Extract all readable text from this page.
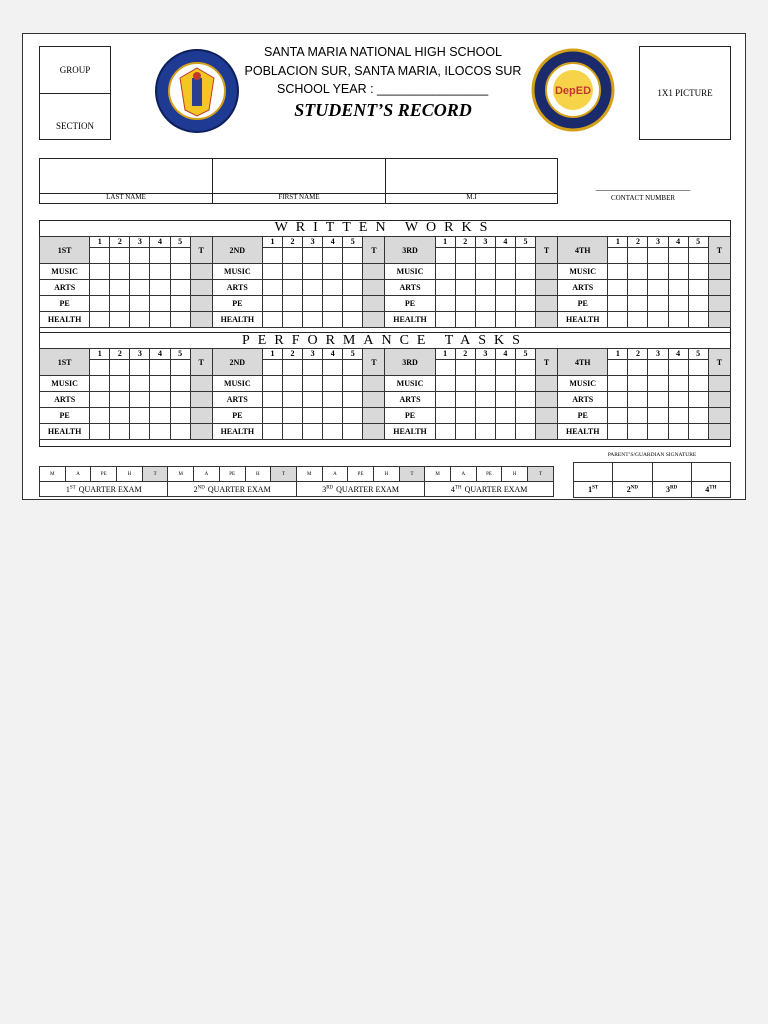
GROUP
SECTION
SANTA MARIA NATIONAL HIGH SCHOOL
POBLACION SUR, SANTA MARIA, ILOCOS SUR
SCHOOL YEAR : ________________
STUDENT’S RECORD
DepED	1X1 PICTURE
LAST NAME	FIRST NAME	M.I
_____________________
CONTACT NUMBER
WRITTEN WORKS
1ST	1	2	3	4	5	T	2ND	1	2	3	4	5	T	3RD	1	2	3	4	5	T	4TH	1	2	3	4	5	T

MUSIC							MUSIC							MUSIC							MUSIC						
ARTS							ARTS							ARTS							ARTS						
PE							PE							PE							PE						
HEALTH							HEALTH							HEALTH							HEALTH						
PERFORMANCE TASKS
1ST	1	2	3	4	5	T	2ND	1	2	3	4	5	T	3RD	1	2	3	4	5	T	4TH	1	2	3	4	5	T

MUSIC							MUSIC							MUSIC							MUSIC						
ARTS							ARTS							ARTS							ARTS						
PE							PE							PE							PE						
HEALTH							HEALTH							HEALTH							HEALTH						
M	A	PE	H	T	M	A	PE	H	T	M	A	PE	H	T	M	A	PE	H	T
1ST QUARTER EXAM					2ND QUARTER EXAM					3RD QUARTER EXAM					4TH QUARTER EXAM				
PARENT’S/GUARDIAN SIGNATURE

1ST	2ND	3RD	4TH
